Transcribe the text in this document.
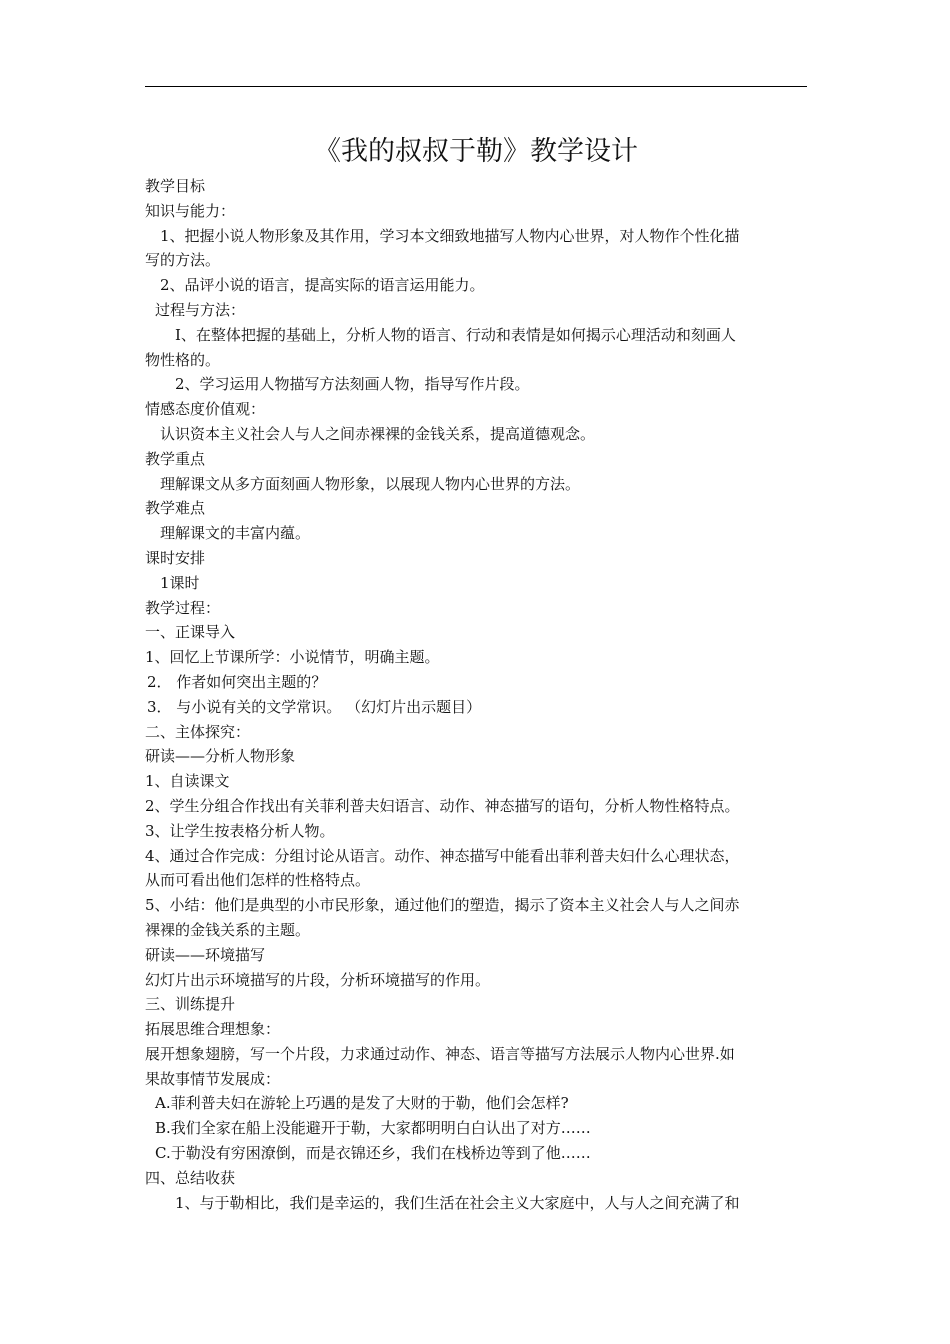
《我的叔叔于勒》教学设计
教学目标
知识与能力：
1、把握小说人物形象及其作用，学习本文细致地描写人物内心世界，对人物作个性化描
写的方法。
2、品评小说的语言，提高实际的语言运用能力。
过程与方法：
I、在整体把握的基础上，分析人物的语言、行动和表情是如何揭示心理活动和刻画人
物性格的。
2、学习运用人物描写方法刻画人物，指导写作片段。
情感态度价值观：
认识资本主义社会人与人之间赤裸裸的金钱关系，提高道德观念。
教学重点
理解课文从多方面刻画人物形象，以展现人物内心世界的方法。
教学难点
理解课文的丰富内蕴。
课时安排
1课时
教学过程：
一、正课导入
1、回忆上节课所学：小说情节，明确主题。
2． 作者如何突出主题的？
3． 与小说有关的文学常识。 （幻灯片出示题目）
二、主体探究：
研读——分析人物形象
1、自读课文
2、学生分组合作找出有关菲利普夫妇语言、动作、神态描写的语句，分析人物性格特点。
3、让学生按表格分析人物。
4、通过合作完成：分组讨论从语言。动作、神态描写中能看出菲利普夫妇什么心理状态，
从而可看出他们怎样的性格特点。
5、小结：他们是典型的小市民形象，通过他们的塑造，揭示了资本主义社会人与人之间赤
裸裸的金钱关系的主题。
研读——环境描写
幻灯片出示环境描写的片段，分析环境描写的作用。
三、训练提升
拓展思维合理想象：
展开想象翅膀，写一个片段，力求通过动作、神态、语言等描写方法展示人物内心世界.如
果故事情节发展成：
A.菲利普夫妇在游轮上巧遇的是发了大财的于勒，他们会怎样?
B.我们全家在船上没能避开于勒，大家都明明白白认出了对方……
C.于勒没有穷困潦倒，而是衣锦还乡，我们在栈桥边等到了他……
四、总结收获
1、与于勒相比，我们是幸运的，我们生活在社会主义大家庭中，人与人之间充满了和
